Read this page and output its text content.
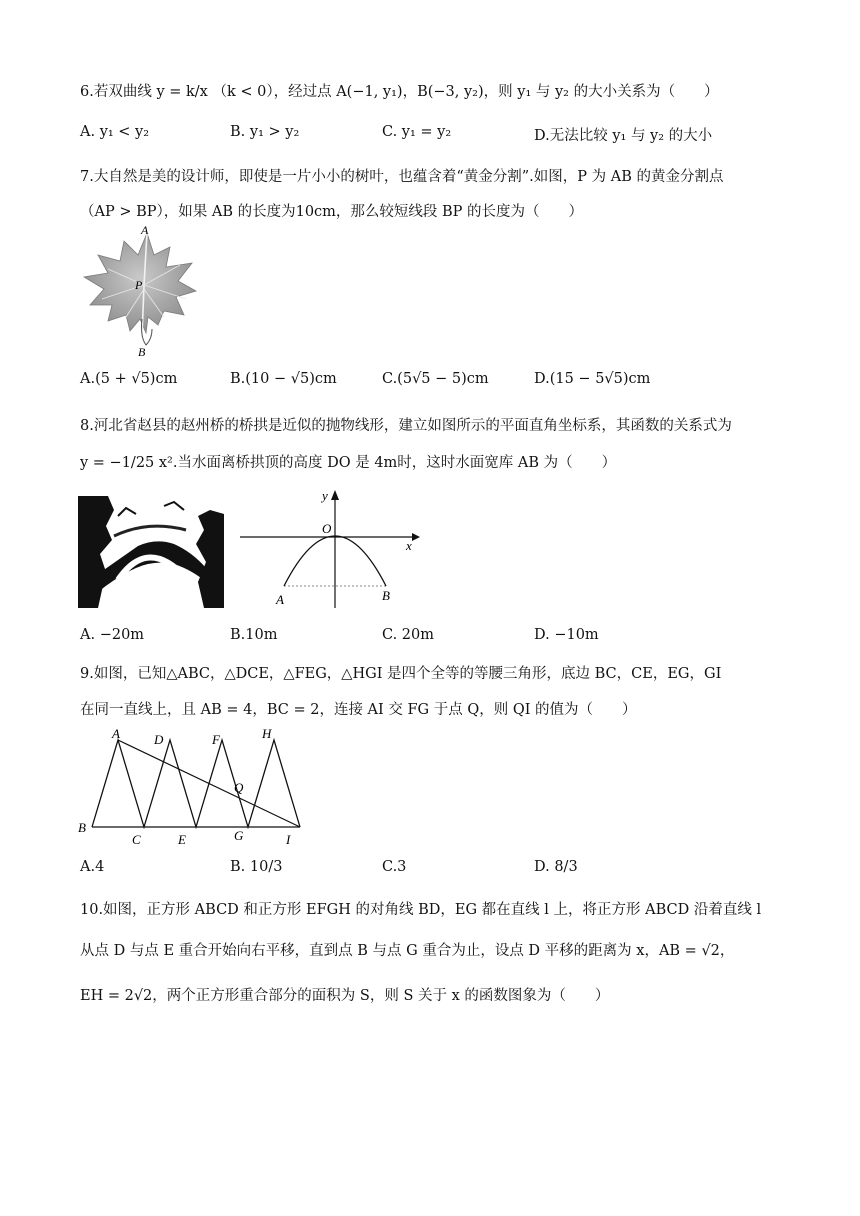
6.若双曲线 y = k/x （k < 0），经过点 A(−1, y₁)，B(−3, y₂)，则 y₁ 与 y₂ 的大小关系为（　　）
A. y₁ < y₂	B. y₁ > y₂	C. y₁ = y₂	D.无法比较 y₁ 与 y₂ 的大小
7.大自然是美的设计师，即使是一片小小的树叶，也蕴含着“黄金分割”.如图，P 为 AB 的黄金分割点
（AP > BP），如果 AB 的长度为10cm，那么较短线段 BP 的长度为（　　）
A
P
B
A.(5 + √5)cm	B.(10 − √5)cm	C.(5√5 − 5)cm	D.(15 − 5√5)cm
8.河北省赵县的赵州桥的桥拱是近似的抛物线形，建立如图所示的平面直角坐标系，其函数的关系式为
y = −1/25 x².当水面离桥拱顶的高度 DO 是 4m时，这时水面宽库 AB 为（　　）
y
O
x
A	B
A. −20m	B.10m	C. 20m	D. −10m
9.如图，已知△ABC，△DCE，△FEG，△HGI 是四个全等的等腰三角形，底边 BC，CE，EG，GI
在同一直线上，且 AB = 4，BC = 2，连接 AI 交 FG 于点 Q，则 QI 的值为（　　）
A	D	F	H
Q
B
C	E	G	I
A.4	B. 10/3	C.3	D. 8/3
10.如图，正方形 ABCD 和正方形 EFGH 的对角线 BD，EG 都在直线 l 上，将正方形 ABCD 沿着直线 l
从点 D 与点 E 重合开始向右平移，直到点 B 与点 G 重合为止，设点 D 平移的距离为 x，AB = √2，
EH = 2√2，两个正方形重合部分的面积为 S，则 S 关于 x 的函数图象为（　　）
